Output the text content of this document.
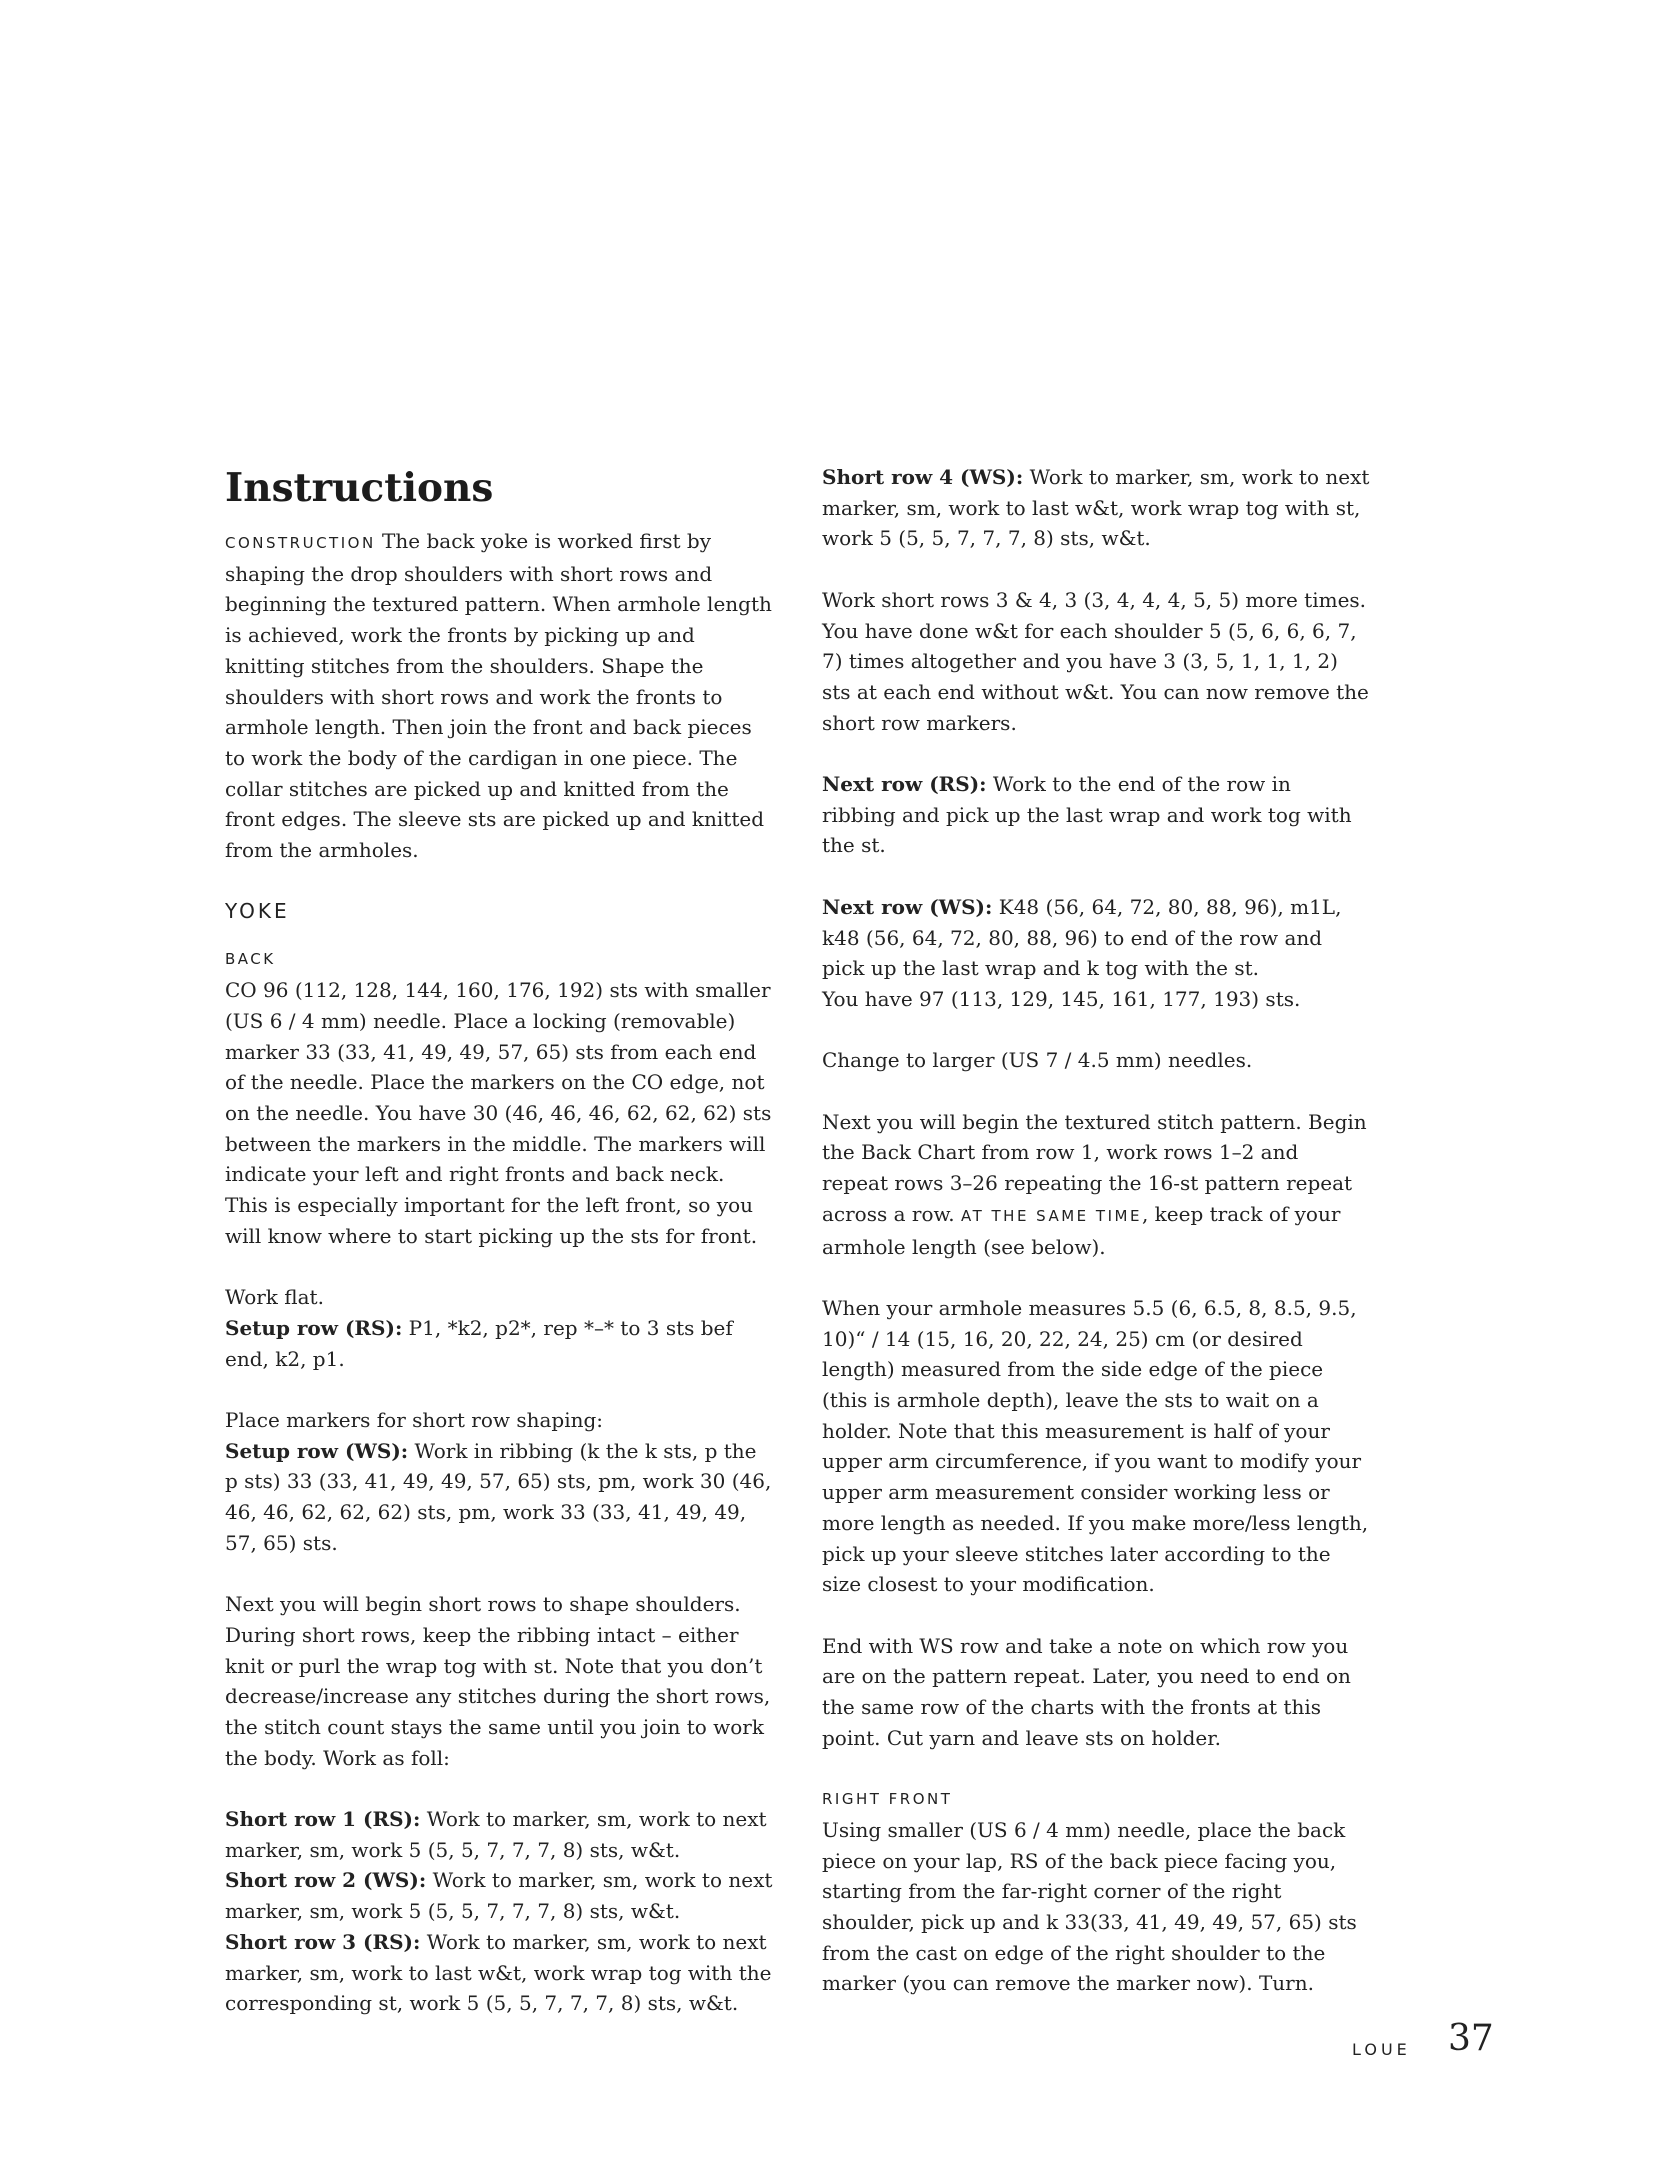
Instructions

CONSTRUCTION The back yoke is worked first by shaping the drop shoulders with short rows and beginning the textured pattern. When armhole length is achieved, work the fronts by picking up and knitting stitches from the shoulders. Shape the shoulders with short rows and work the fronts to armhole length. Then join the front and back pieces to work the body of the cardigan in one piece. The collar stitches are picked up and knitted from the front edges. The sleeve sts are picked up and knitted from the armholes.

YOKE

BACK
CO 96 (112, 128, 144, 160, 176, 192) sts with smaller (US 6 / 4 mm) needle. Place a locking (removable) marker 33 (33, 41, 49, 49, 57, 65) sts from each end of the needle. Place the markers on the CO edge, not on the needle. You have 30 (46, 46, 46, 62, 62, 62) sts between the markers in the middle. The markers will indicate your left and right fronts and back neck. This is especially important for the left front, so you will know where to start picking up the sts for front.

Work flat.
Setup row (RS): P1, *k2, p2*, rep *–* to 3 sts bef end, k2, p1.

Place markers for short row shaping:
Setup row (WS): Work in ribbing (k the k sts, p the p sts) 33 (33, 41, 49, 49, 57, 65) sts, pm, work 30 (46, 46, 46, 62, 62, 62) sts, pm, work 33 (33, 41, 49, 49, 57, 65) sts.

Next you will begin short rows to shape shoulders. During short rows, keep the ribbing intact – either knit or purl the wrap tog with st. Note that you don’t decrease/increase any stitches during the short rows, the stitch count stays the same until you join to work the body. Work as foll:

Short row 1 (RS): Work to marker, sm, work to next marker, sm, work 5 (5, 5, 7, 7, 7, 8) sts, w&t.
Short row 2 (WS): Work to marker, sm, work to next marker, sm, work 5 (5, 5, 7, 7, 7, 8) sts, w&t.
Short row 3 (RS): Work to marker, sm, work to next marker, sm, work to last w&t, work wrap tog with the corresponding st, work 5 (5, 5, 7, 7, 7, 8) sts, w&t.

Short row 4 (WS): Work to marker, sm, work to next marker, sm, work to last w&t, work wrap tog with st, work 5 (5, 5, 7, 7, 7, 8) sts, w&t.

Work short rows 3 & 4, 3 (3, 4, 4, 4, 5, 5) more times. You have done w&t for each shoulder 5 (5, 6, 6, 6, 7, 7) times altogether and you have 3 (3, 5, 1, 1, 1, 2) sts at each end without w&t. You can now remove the short row markers.

Next row (RS): Work to the end of the row in ribbing and pick up the last wrap and work tog with the st.

Next row (WS): K48 (56, 64, 72, 80, 88, 96), m1L, k48 (56, 64, 72, 80, 88, 96) to end of the row and pick up the last wrap and k tog with the st.
You have 97 (113, 129, 145, 161, 177, 193) sts.

Change to larger (US 7 / 4.5 mm) needles.

Next you will begin the textured stitch pattern. Begin the Back Chart from row 1, work rows 1–2 and repeat rows 3–26 repeating the 16-st pattern repeat across a row. AT THE SAME TIME, keep track of your armhole length (see below).

When your armhole measures 5.5 (6, 6.5, 8, 8.5, 9.5, 10)“ / 14 (15, 16, 20, 22, 24, 25) cm (or desired length) measured from the side edge of the piece (this is armhole depth), leave the sts to wait on a holder. Note that this measurement is half of your upper arm circumference, if you want to modify your upper arm measurement consider working less or more length as needed. If you make more/less length, pick up your sleeve stitches later according to the size closest to your modification.

End with WS row and take a note on which row you are on the pattern repeat. Later, you need to end on the same row of the charts with the fronts at this point. Cut yarn and leave sts on holder.

RIGHT FRONT
Using smaller (US 6 / 4 mm) needle, place the back piece on your lap, RS of the back piece facing you, starting from the far-right corner of the right shoulder, pick up and k 33(33, 41, 49, 49, 57, 65) sts from the cast on edge of the right shoulder to the marker (you can remove the marker now). Turn.

LOUE 37
